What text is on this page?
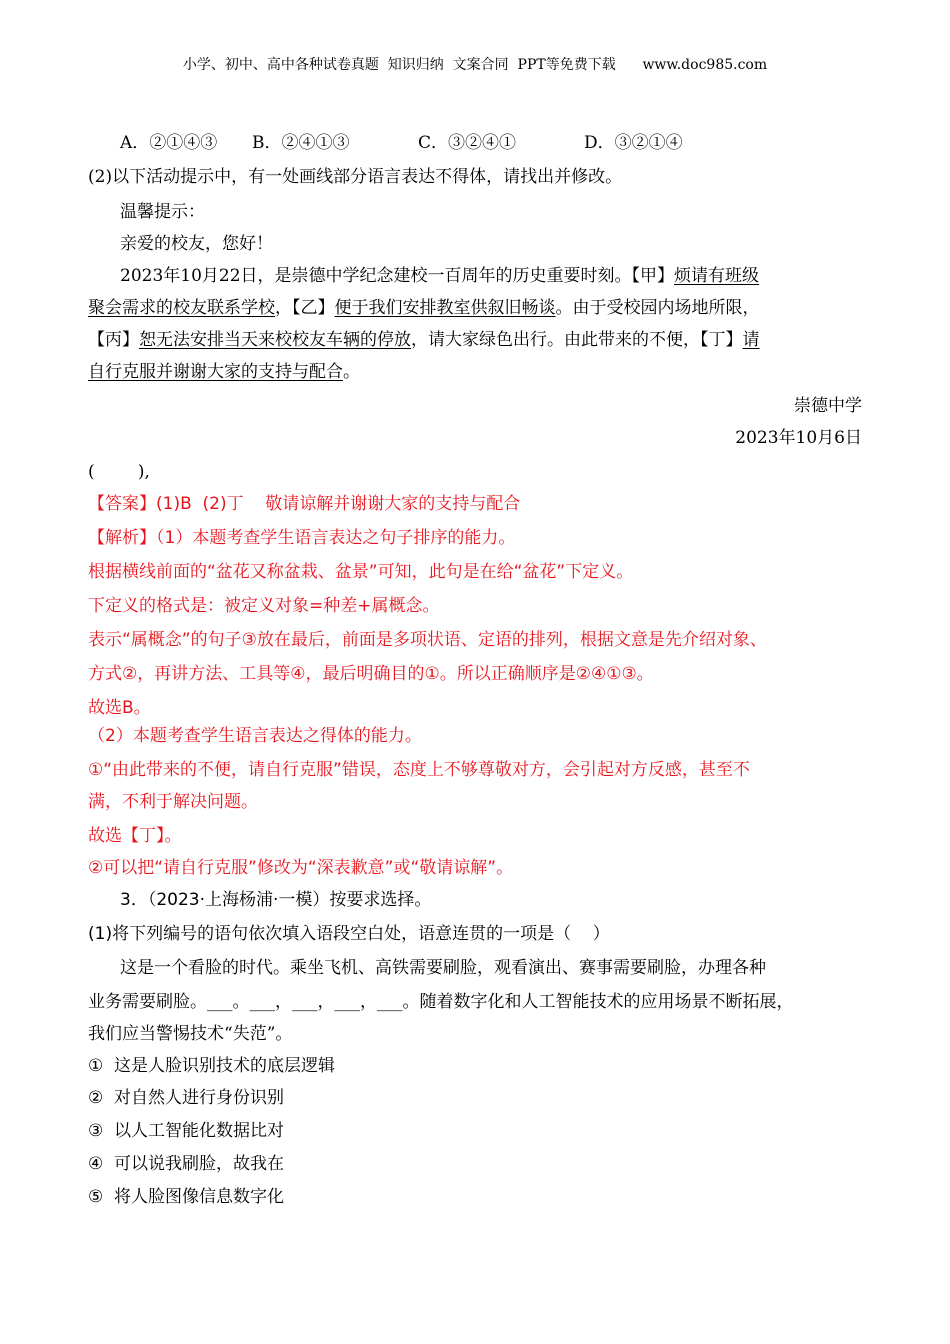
小学、初中、高中各种试卷真题  知识归纳  文案合同  PPT等免费下载      www.doc985.com
A．②①④③ B．②④①③	C．③②④①	D．③②①④
(2)以下活动提示中，有一处画线部分语言表达不得体，请找出并修改。
温馨提示：
亲爱的校友，您好！
2023年10月22日，是崇德中学纪念建校一百周年的历史重要时刻。【甲】烦请有班级
聚会需求的校友联系学校，【乙】便于我们安排教室供叙旧畅谈。由于受校园内场地所限，
【丙】恕无法安排当天来校校友车辆的停放，请大家绿色出行。由此带来的不便，【丁】请
自行克服并谢谢大家的支持与配合。
崇德中学
2023年10月6日
(        ),
【答案】(1)B  (2)丁    敬请谅解并谢谢大家的支持与配合
【解析】（1）本题考查学生语言表达之句子排序的能力。
根据横线前面的“盆花又称盆栽、盆景”可知，此句是在给“盆花”下定义。
下定义的格式是：被定义对象=种差+属概念。
表示“属概念”的句子③放在最后，前面是多项状语、定语的排列，根据文意是先介绍对象、
方式②，再讲方法、工具等④，最后明确目的①。所以正确顺序是②④①③。
故选B。
（2）本题考查学生语言表达之得体的能力。
①“由此带来的不便，请自行克服”错误，态度上不够尊敬对方，会引起对方反感，甚至不
满，不利于解决问题。
故选【丁】。
②可以把“请自行克服”修改为“深表歉意”或“敬请谅解”。
3．（2023·上海杨浦·一模）按要求选择。
(1)将下列编号的语句依次填入语段空白处，语意连贯的一项是（    ）
这是一个看脸的时代。乘坐飞机、高铁需要刷脸，观看演出、赛事需要刷脸，办理各种
业务需要刷脸。___。___，___，___，___。随着数字化和人工智能技术的应用场景不断拓展，
我们应当警惕技术“失范”。
①  这是人脸识别技术的底层逻辑
②  对自然人进行身份识别
③  以人工智能化数据比对
④  可以说我刷脸，故我在
⑤  将人脸图像信息数字化
